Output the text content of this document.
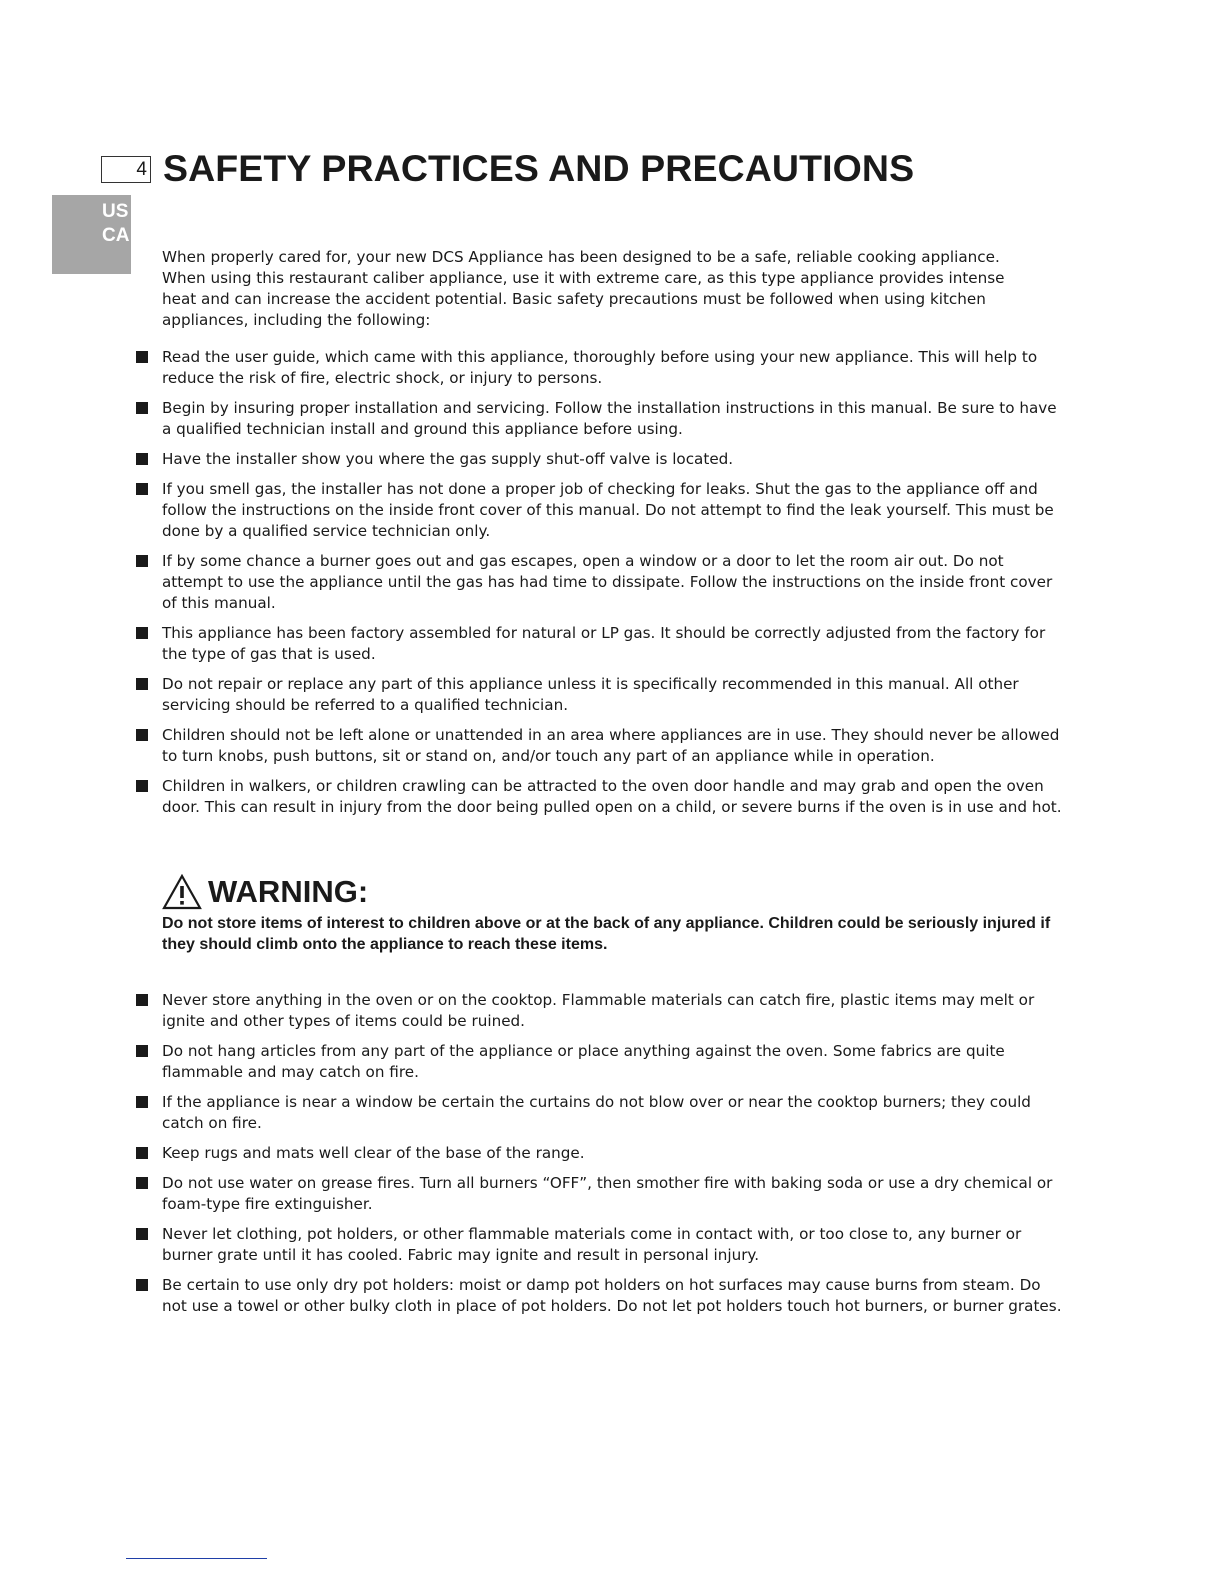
4 SAFETY PRACTICES AND PRECAUTIONS
US
CA

When properly cared for, your new DCS Appliance has been designed to be a safe, reliable cooking appliance. When using this restaurant caliber appliance, use it with extreme care, as this type appliance provides intense heat and can increase the accident potential. Basic safety precautions must be followed when using kitchen appliances, including the following:

Read the user guide, which came with this appliance, thoroughly before using your new appliance. This will help to reduce the risk of fire, electric shock, or injury to persons.
Begin by insuring proper installation and servicing. Follow the installation instructions in this manual. Be sure to have a qualified technician install and ground this appliance before using.
Have the installer show you where the gas supply shut-off valve is located.
If you smell gas, the installer has not done a proper job of checking for leaks. Shut the gas to the appliance off and follow the instructions on the inside front cover of this manual. Do not attempt to find the leak yourself. This must be done by a qualified service technician only.
If by some chance a burner goes out and gas escapes, open a window or a door to let the room air out. Do not attempt to use the appliance until the gas has had time to dissipate. Follow the instructions on the inside front cover of this manual.
This appliance has been factory assembled for natural or LP gas. It should be correctly adjusted from the factory for the type of gas that is used.
Do not repair or replace any part of this appliance unless it is specifically recommended in this manual. All other servicing should be referred to a qualified technician.
Children should not be left alone or unattended in an area where appliances are in use. They should never be allowed to turn knobs, push buttons, sit or stand on, and/or touch any part of an appliance while in operation.
Children in walkers, or children crawling can be attracted to the oven door handle and may grab and open the oven door. This can result in injury from the door being pulled open on a child, or severe burns if the oven is in use and hot.
WARNING:
Do not store items of interest to children above or at the back of any appliance. Children could be seriously injured if they should climb onto the appliance to reach these items.
Never store anything in the oven or on the cooktop. Flammable materials can catch fire, plastic items may melt or ignite and other types of items could be ruined.
Do not hang articles from any part of the appliance or place anything against the oven. Some fabrics are quite flammable and may catch on fire.
If the appliance is near a window be certain the curtains do not blow over or near the cooktop burners; they could catch on fire.
Keep rugs and mats well clear of the base of the range.
Do not use water on grease fires. Turn all burners “OFF”, then smother fire with baking soda or use a dry chemical or foam-type fire extinguisher.
Never let clothing, pot holders, or other flammable materials come in contact with, or too close to, any burner or burner grate until it has cooled. Fabric may ignite and result in personal injury.
Be certain to use only dry pot holders: moist or damp pot holders on hot surfaces may cause burns from steam. Do not use a towel or other bulky cloth in place of pot holders. Do not let pot holders touch hot burners, or burner grates.
